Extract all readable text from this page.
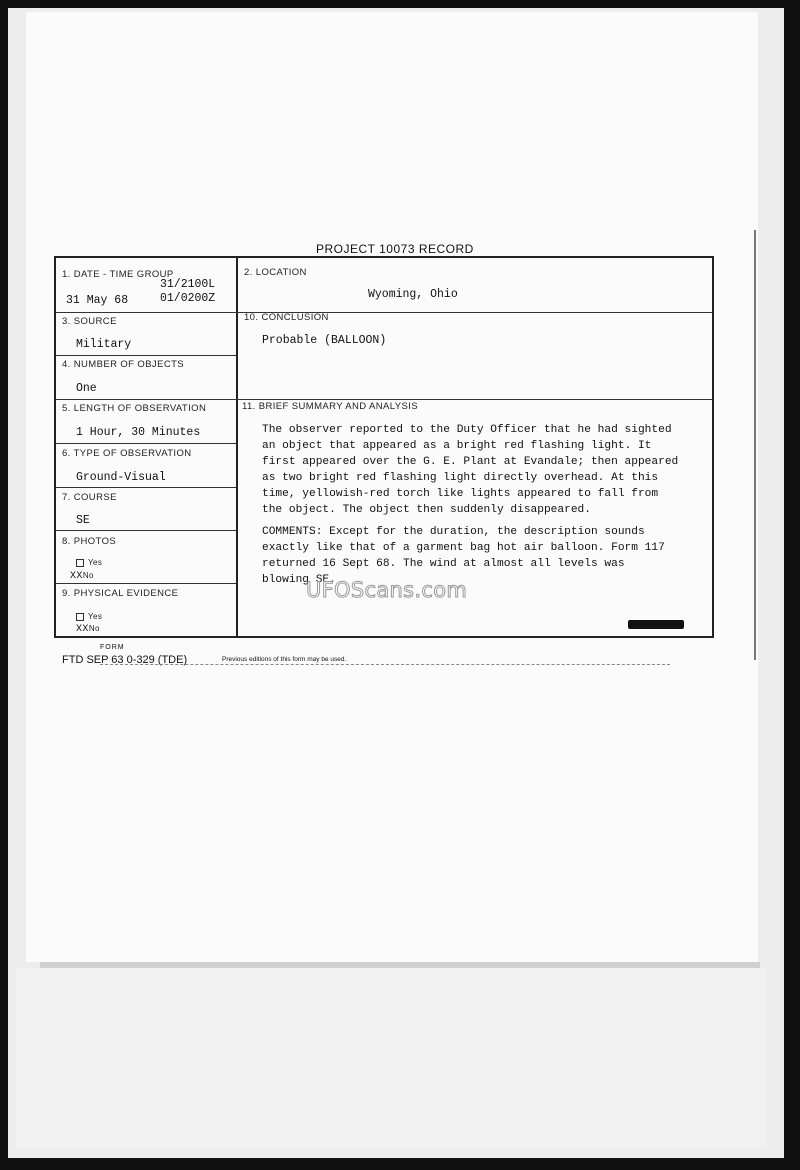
PROJECT 10073 RECORD
1. DATE - TIME GROUP
31/2100L
31 May 68	01/0200Z
2. LOCATION
Wyoming, Ohio
3. SOURCE
Military
10. CONCLUSION
Probable (BALLOON)
4. NUMBER OF OBJECTS
One
5. LENGTH OF OBSERVATION
1 Hour, 30 Minutes
6. TYPE OF OBSERVATION
Ground-Visual
7. COURSE
SE
8. PHOTOS
Yes
XXNo
9. PHYSICAL EVIDENCE
Yes
XXNo
11. BRIEF SUMMARY AND ANALYSIS
The observer reported to the Duty Officer that he had sighted
an object that appeared as a bright red flashing light. It
first appeared over the G. E. Plant at Evandale; then appeared
as two bright red flashing light directly overhead. At this
time, yellowish-red torch like lights appeared to fall from
the object. The object then suddenly disappeared.
COMMENTS: Except for the duration, the description sounds
exactly like that of a garment bag hot air balloon. Form 117
returned 16 Sept 68. The wind at almost all levels was
blowing SE.
FORM
FTD SEP 63 0-329 (TDE)	Previous editions of this form may be used.
UFOScans.com
